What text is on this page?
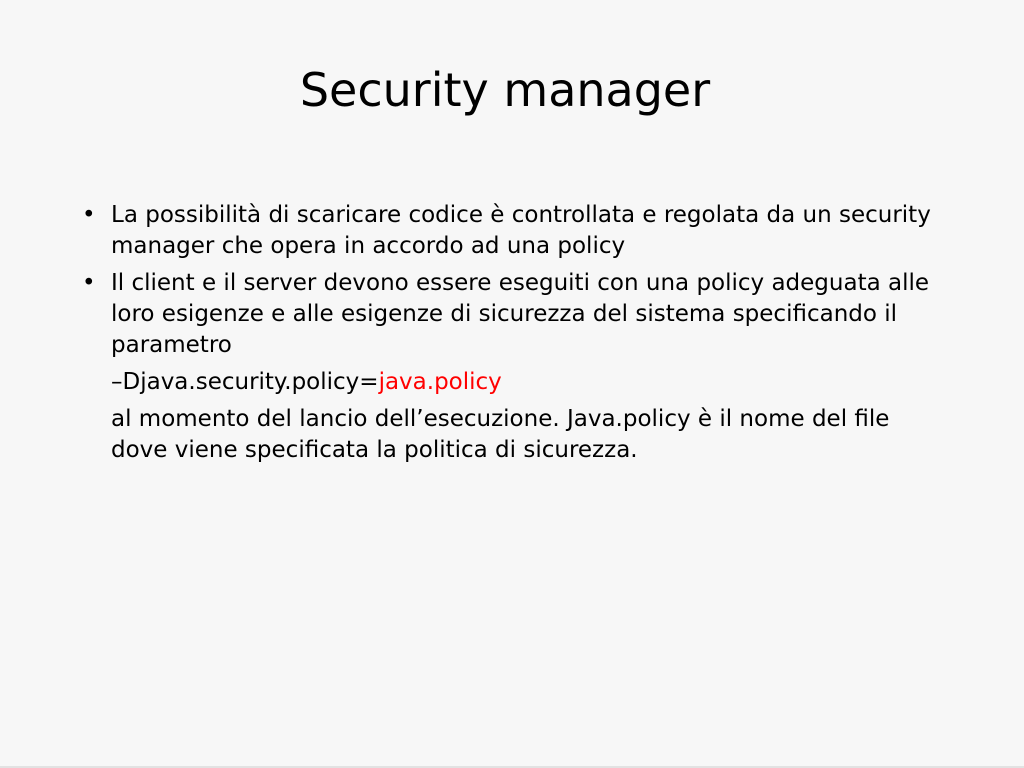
Security manager
• La possibilità di scaricare codice è controllata e regolata da un security manager che opera in accordo ad una policy
• Il client e il server devono essere eseguiti con una policy adeguata alle loro esigenze e alle esigenze di sicurezza del sistema specificando il parametro
–Djava.security.policy=java.policy
al momento del lancio dell’esecuzione. Java.policy è il nome del file dove viene specificata la politica di sicurezza.
